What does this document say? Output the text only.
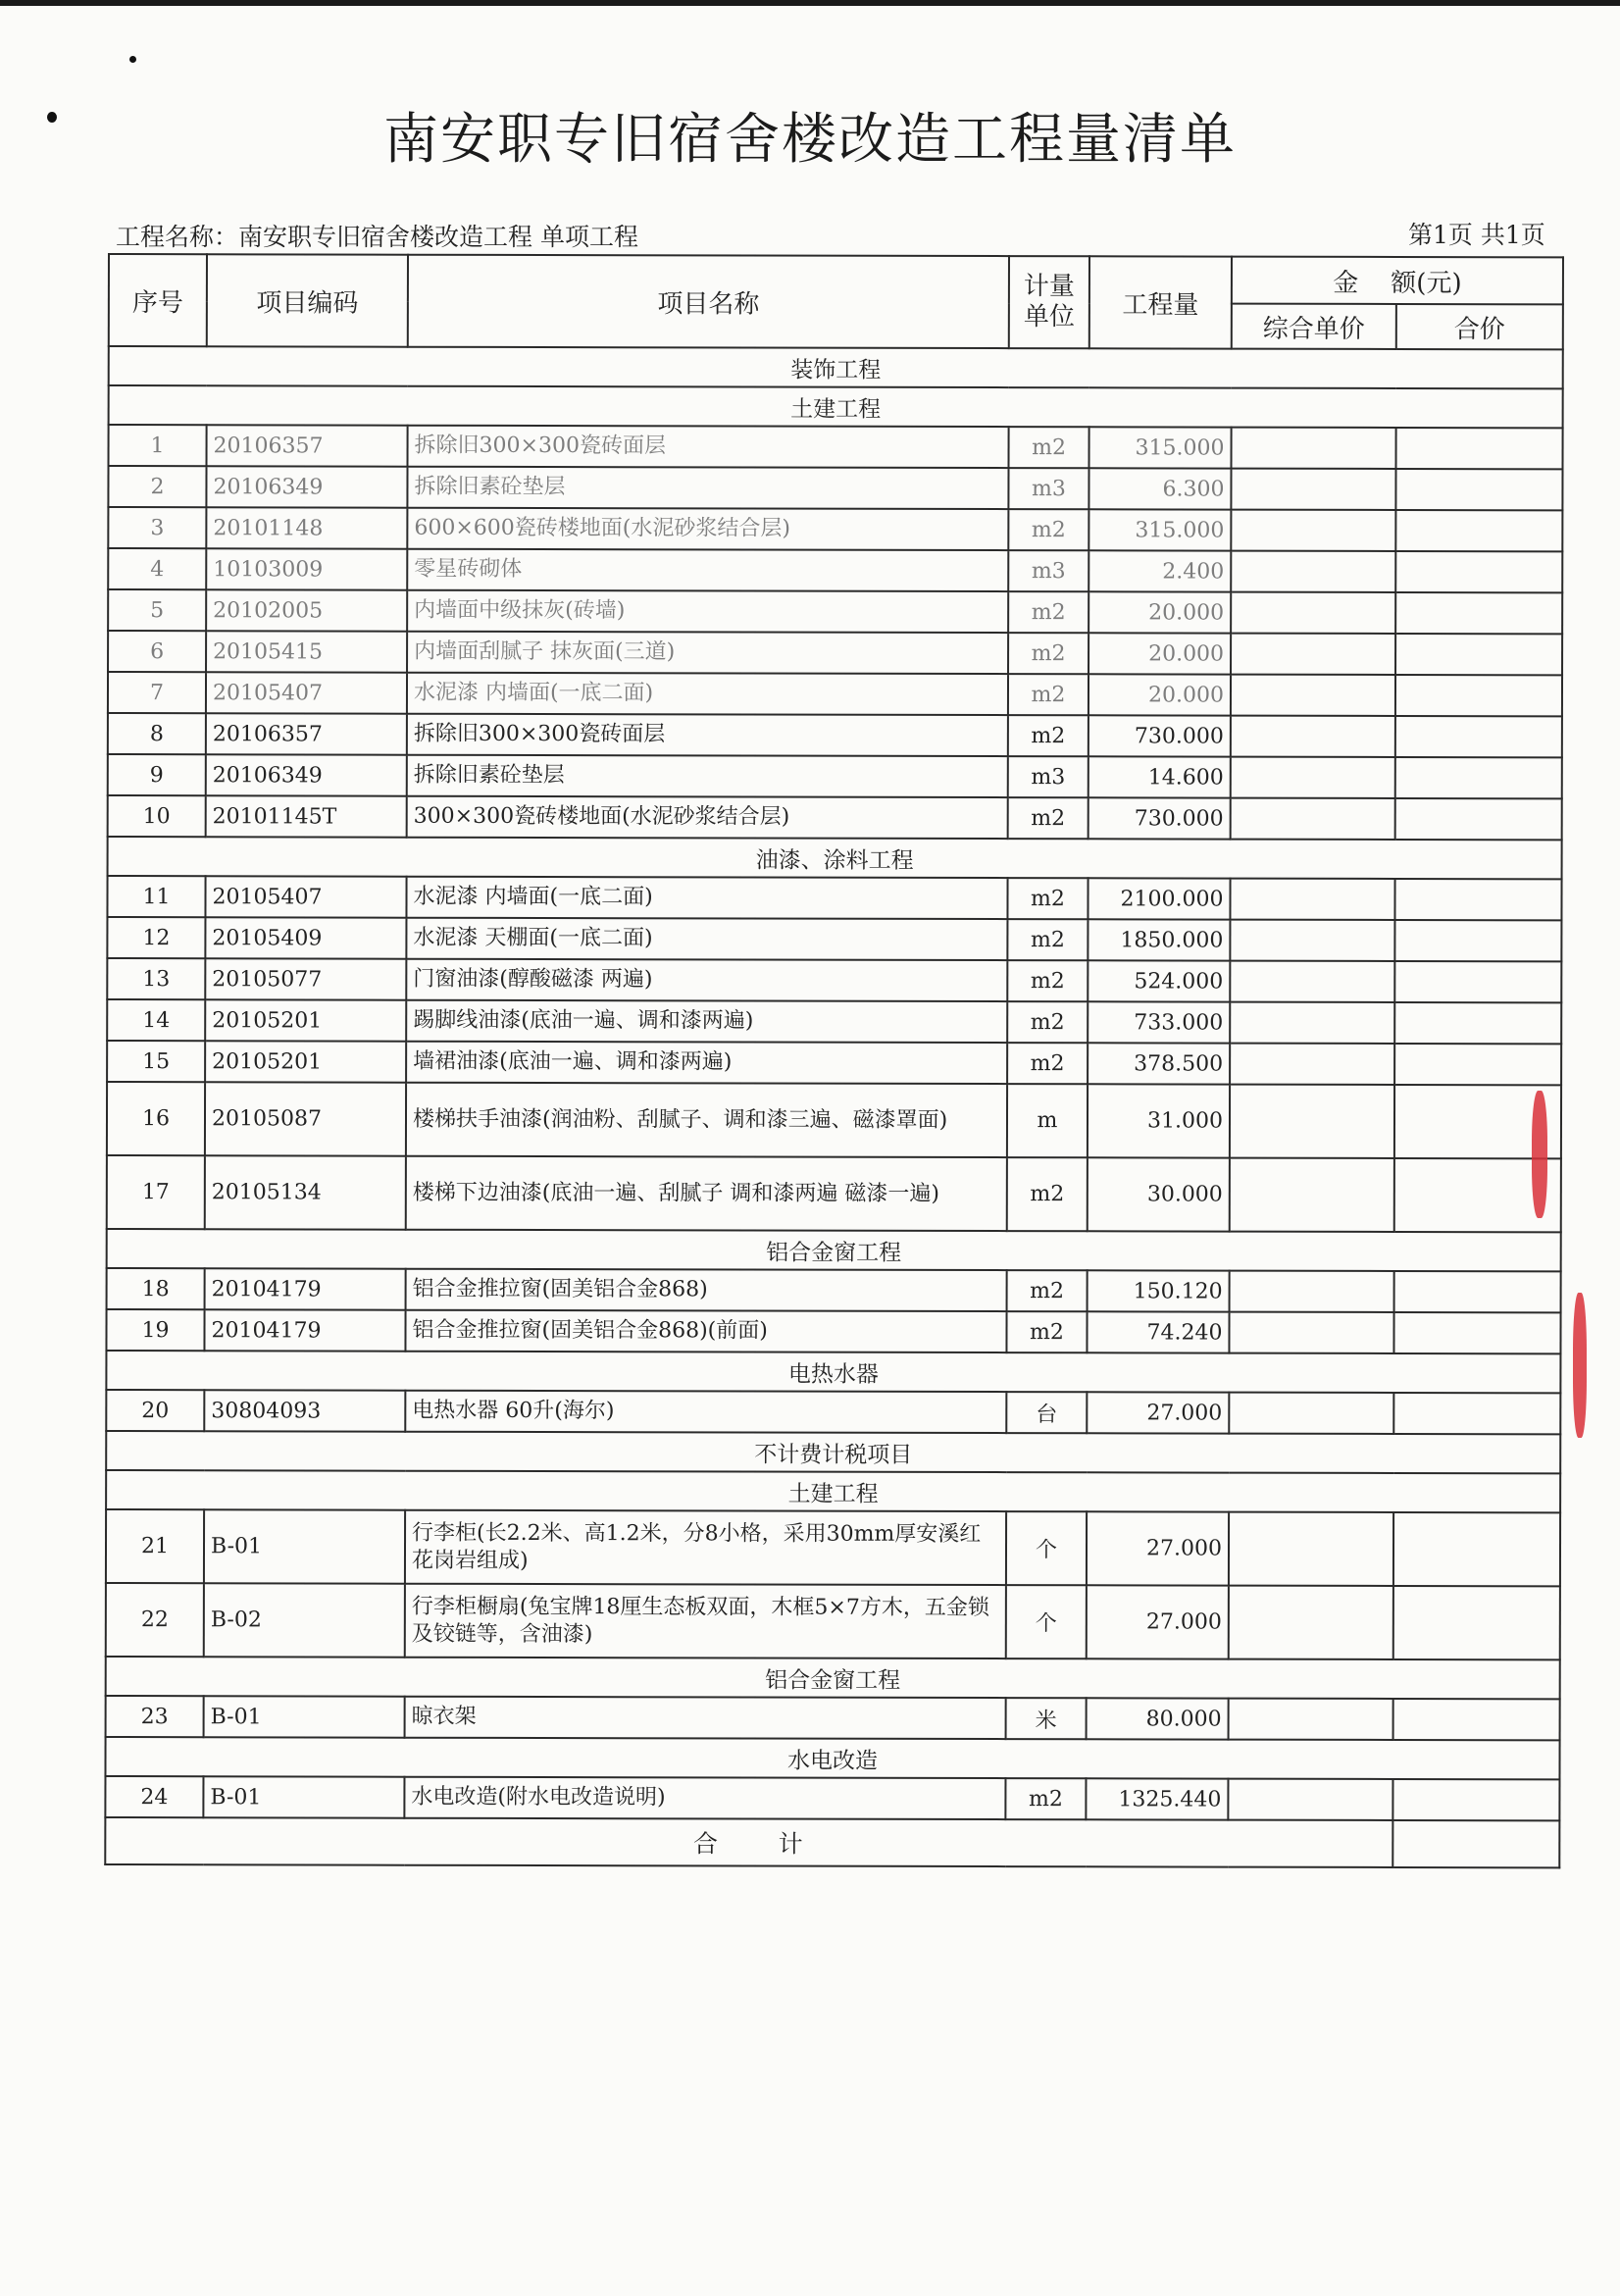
南安职专旧宿舍楼改造工程量清单
工程名称：南安职专旧宿舍楼改造工程 单项工程	第1页 共1页
序号	项目编码	项目名称	计量单位	工程量	金    额(元)	
					综合单价	合价
装饰工程						
土建工程						
1	20106357	拆除旧300×300瓷砖面层	m2	315.000		
2	20106349	拆除旧素砼垫层	m3	6.300		
3	20101148	600×600瓷砖楼地面(水泥砂浆结合层)	m2	315.000		
4	10103009	零星砖砌体	m3	2.400		
5	20102005	内墙面中级抹灰(砖墙)	m2	20.000		
6	20105415	内墙面刮腻子 抹灰面(三道)	m2	20.000		
7	20105407	水泥漆 内墙面(一底二面)	m2	20.000		
8	20106357	拆除旧300×300瓷砖面层	m2	730.000		
9	20106349	拆除旧素砼垫层	m3	14.600		
10	20101145T	300×300瓷砖楼地面(水泥砂浆结合层)	m2	730.000		
油漆、涂料工程						
11	20105407	水泥漆 内墙面(一底二面)	m2	2100.000		
12	20105409	水泥漆 天棚面(一底二面)	m2	1850.000		
13	20105077	门窗油漆(醇酸磁漆 两遍)	m2	524.000		
14	20105201	踢脚线油漆(底油一遍、调和漆两遍)	m2	733.000		
15	20105201	墙裙油漆(底油一遍、调和漆两遍)	m2	378.500		
16	20105087	楼梯扶手油漆(润油粉、刮腻子、调和漆三遍、磁漆罩面)	m	31.000		
17	20105134	楼梯下边油漆(底油一遍、刮腻子 调和漆两遍 磁漆一遍)	m2	30.000		
铝合金窗工程						
18	20104179	铝合金推拉窗(固美铝合金868)	m2	150.120		
19	20104179	铝合金推拉窗(固美铝合金868)(前面)	m2	74.240		
电热水器						
20	30804093	电热水器 60升(海尔)	台	27.000		
不计费计税项目						
土建工程						
21	B-01	行李柜(长2.2米、高1.2米，分8小格，采用30mm厚安溪红花岗岩组成)	个	27.000		
22	B-02	行李柜橱扇(兔宝牌18厘生态板双面，木框5×7方木，五金锁及铰链等，含油漆)	个	27.000		
铝合金窗工程						
23	B-01	晾衣架	米	80.000		
水电改造						
24	B-01	水电改造(附水电改造说明)	m2	1325.440		
合      计						
